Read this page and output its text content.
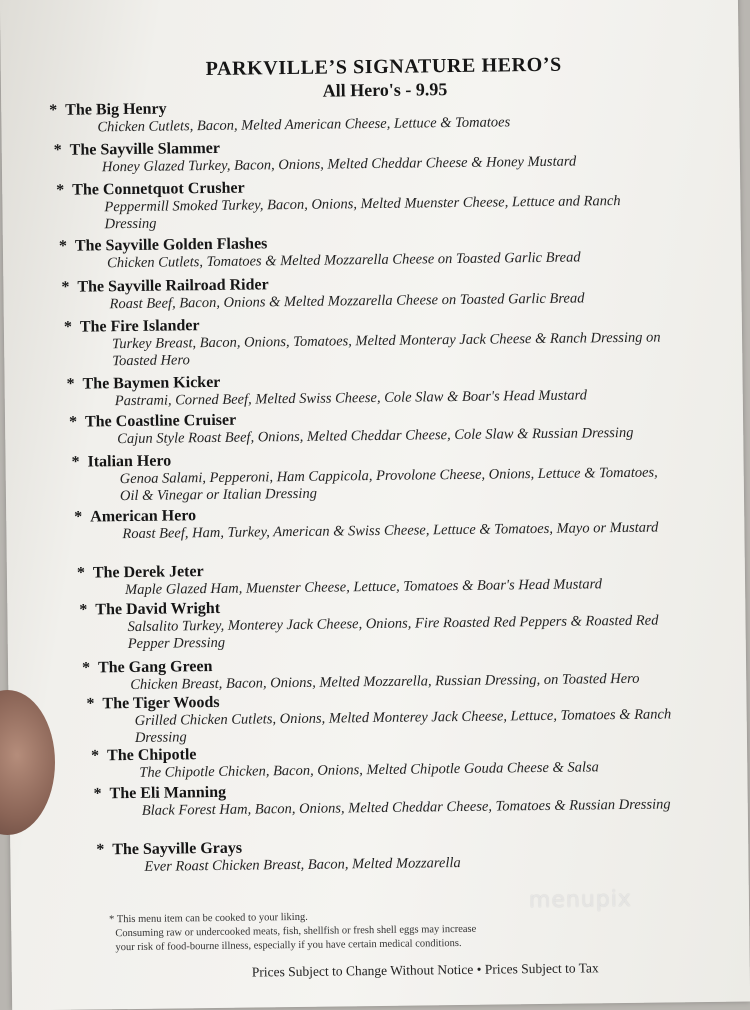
PARKVILLE’S SIGNATURE HERO’S
All Hero's - 9.95
* The Big Henry
Chicken Cutlets, Bacon, Melted American Cheese, Lettuce & Tomatoes
* The Sayville Slammer
Honey Glazed Turkey, Bacon, Onions, Melted Cheddar Cheese & Honey Mustard
* The Connetquot Crusher
Peppermill Smoked Turkey, Bacon, Onions, Melted Muenster Cheese, Lettuce and Ranch Dressing
* The Sayville Golden Flashes
Chicken Cutlets, Tomatoes & Melted Mozzarella Cheese on Toasted Garlic Bread
* The Sayville Railroad Rider
Roast Beef, Bacon, Onions & Melted Mozzarella Cheese on Toasted Garlic Bread
* The Fire Islander
Turkey Breast, Bacon, Onions, Tomatoes, Melted Monteray Jack Cheese & Ranch Dressing on Toasted Hero
* The Baymen Kicker
Pastrami, Corned Beef, Melted Swiss Cheese, Cole Slaw & Boar's Head Mustard
* The Coastline Cruiser
Cajun Style Roast Beef, Onions, Melted Cheddar Cheese, Cole Slaw & Russian Dressing
* Italian Hero
Genoa Salami, Pepperoni, Ham Cappicola, Provolone Cheese, Onions, Lettuce & Tomatoes, Oil & Vinegar or Italian Dressing
* American Hero
Roast Beef, Ham, Turkey, American & Swiss Cheese, Lettuce & Tomatoes, Mayo or Mustard
* The Derek Jeter
Maple Glazed Ham, Muenster Cheese, Lettuce, Tomatoes & Boar's Head Mustard
* The David Wright
Salsalito Turkey, Monterey Jack Cheese, Onions, Fire Roasted Red Peppers & Roasted Red Pepper Dressing
* The Gang Green
Chicken Breast, Bacon, Onions, Melted Mozzarella, Russian Dressing, on Toasted Hero
* The Tiger Woods
Grilled Chicken Cutlets, Onions, Melted Monterey Jack Cheese, Lettuce, Tomatoes & Ranch Dressing
* The Chipotle
The Chipotle Chicken, Bacon, Onions, Melted Chipotle Gouda Cheese & Salsa
* The Eli Manning
Black Forest Ham, Bacon, Onions, Melted Cheddar Cheese, Tomatoes & Russian Dressing
* The Sayville Grays
Ever Roast Chicken Breast, Bacon, Melted Mozzarella
* This menu item can be cooked to your liking.
Consuming raw or undercooked meats, fish, shellfish or fresh shell eggs may increase
your risk of food-bourne illness, especially if you have certain medical conditions.
Prices Subject to Change Without Notice • Prices Subject to Tax
menupix
